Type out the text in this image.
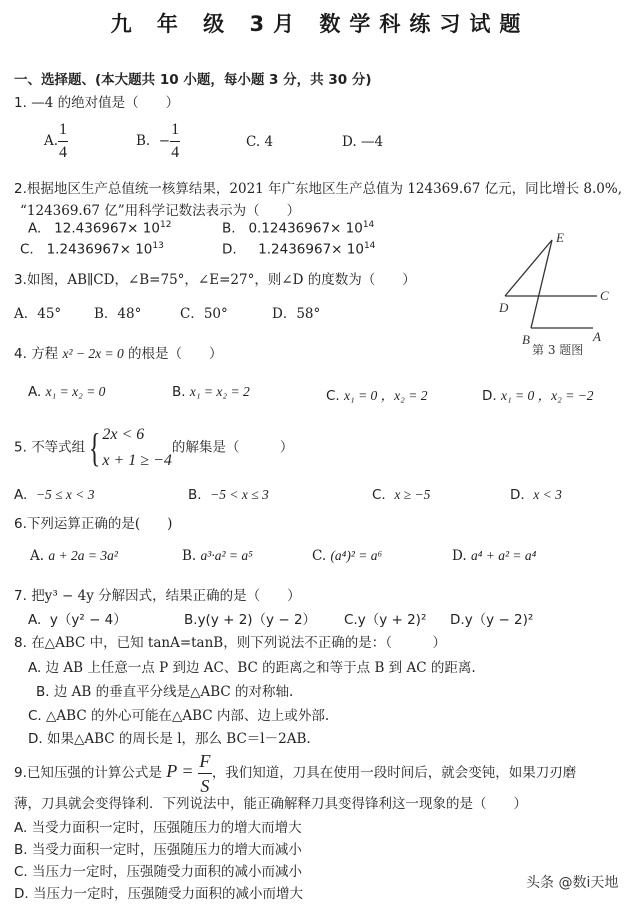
九 年 级 3月 数学科练习试题
一、选择题、(本大题共 10 小题，每小题 3 分，共 30 分)
1. —4 的绝对值是（　　）
A. $\frac{1}{4}$	B.  − $\frac{1}{4}$	C. 4	D. —4
2.根据地区生产总值统一核算结果，2021 年广东地区生产总值为 124369.67 亿元，同比增长 8.0%,
“124369.67 亿”用科学记数法表示为（　　）
A. $12.436967\times 10^{12}$	B. $0.12436967\times 10^{14}$
C. $1.2436967\times 10^{13}$	D. $1.2436967\times 10^{14}$
3.如图，AB∥CD，∠B=75°，∠E=27°，则∠D 的度数为（　　）
A．45° B．48°	C．50°	D．58°
E
D
C
B	A
第 3 题图
4. 方程 x² − 2x = 0 的根是（　　）
A. x₁ = x₂ = 0	B. x₁ = x₂ = 2	C. x₁ = 0 ，x₂ = 2	D. x₁ = 0 ，x₂ = −2
5. 不等式组 { 2x < 6
x + 1 ≥ −4
的解集是（　　　）
A. −5 ≤ x < 3	B. −5 < x ≤ 3	C. x ≥ −5	D. x < 3
6.下列运算正确的是(　　)
A. a + 2a = 3a²	B. a³·a² = a⁵	C. (a⁴)² = a⁶	D. a⁴ + a² = a⁴
7. 把y³ − 4y 分解因式，结果正确的是（　　）
A. y（y² − 4）	B.y(y + 2)（y − 2） C.y（y + 2)² D.y（y − 2)²
8. 在△ABC 中，已知 tanA=tanB，则下列说法不正确的是：（　　　）
A. 边 AB 上任意一点 P 到边 AC、BC 的距离之和等于点 B 到 AC 的距离.
B. 边 AB 的垂直平分线是△ABC 的对称轴.
C. △ABC 的外心可能在△ABC 内部、边上或外部.
D. 如果△ABC 的周长是 l，那么 BC＝l－2AB.
9.已知压强的计算公式是 $P = \frac{F}{S}$ ，我们知道，刀具在使用一段时间后，就会变钝，如果刀刃磨
薄，刀具就会变得锋利．下列说法中，能正确解释刀具变得锋利这一现象的是（　　）
A. 当受力面积一定时，压强随压力的增大而增大
B. 当受力面积一定时，压强随压力的增大而减小
C. 当压力一定时，压强随受力面积的减小而减小
D. 当压力一定时，压强随受力面积的减小而增大
头条 @数i天地
